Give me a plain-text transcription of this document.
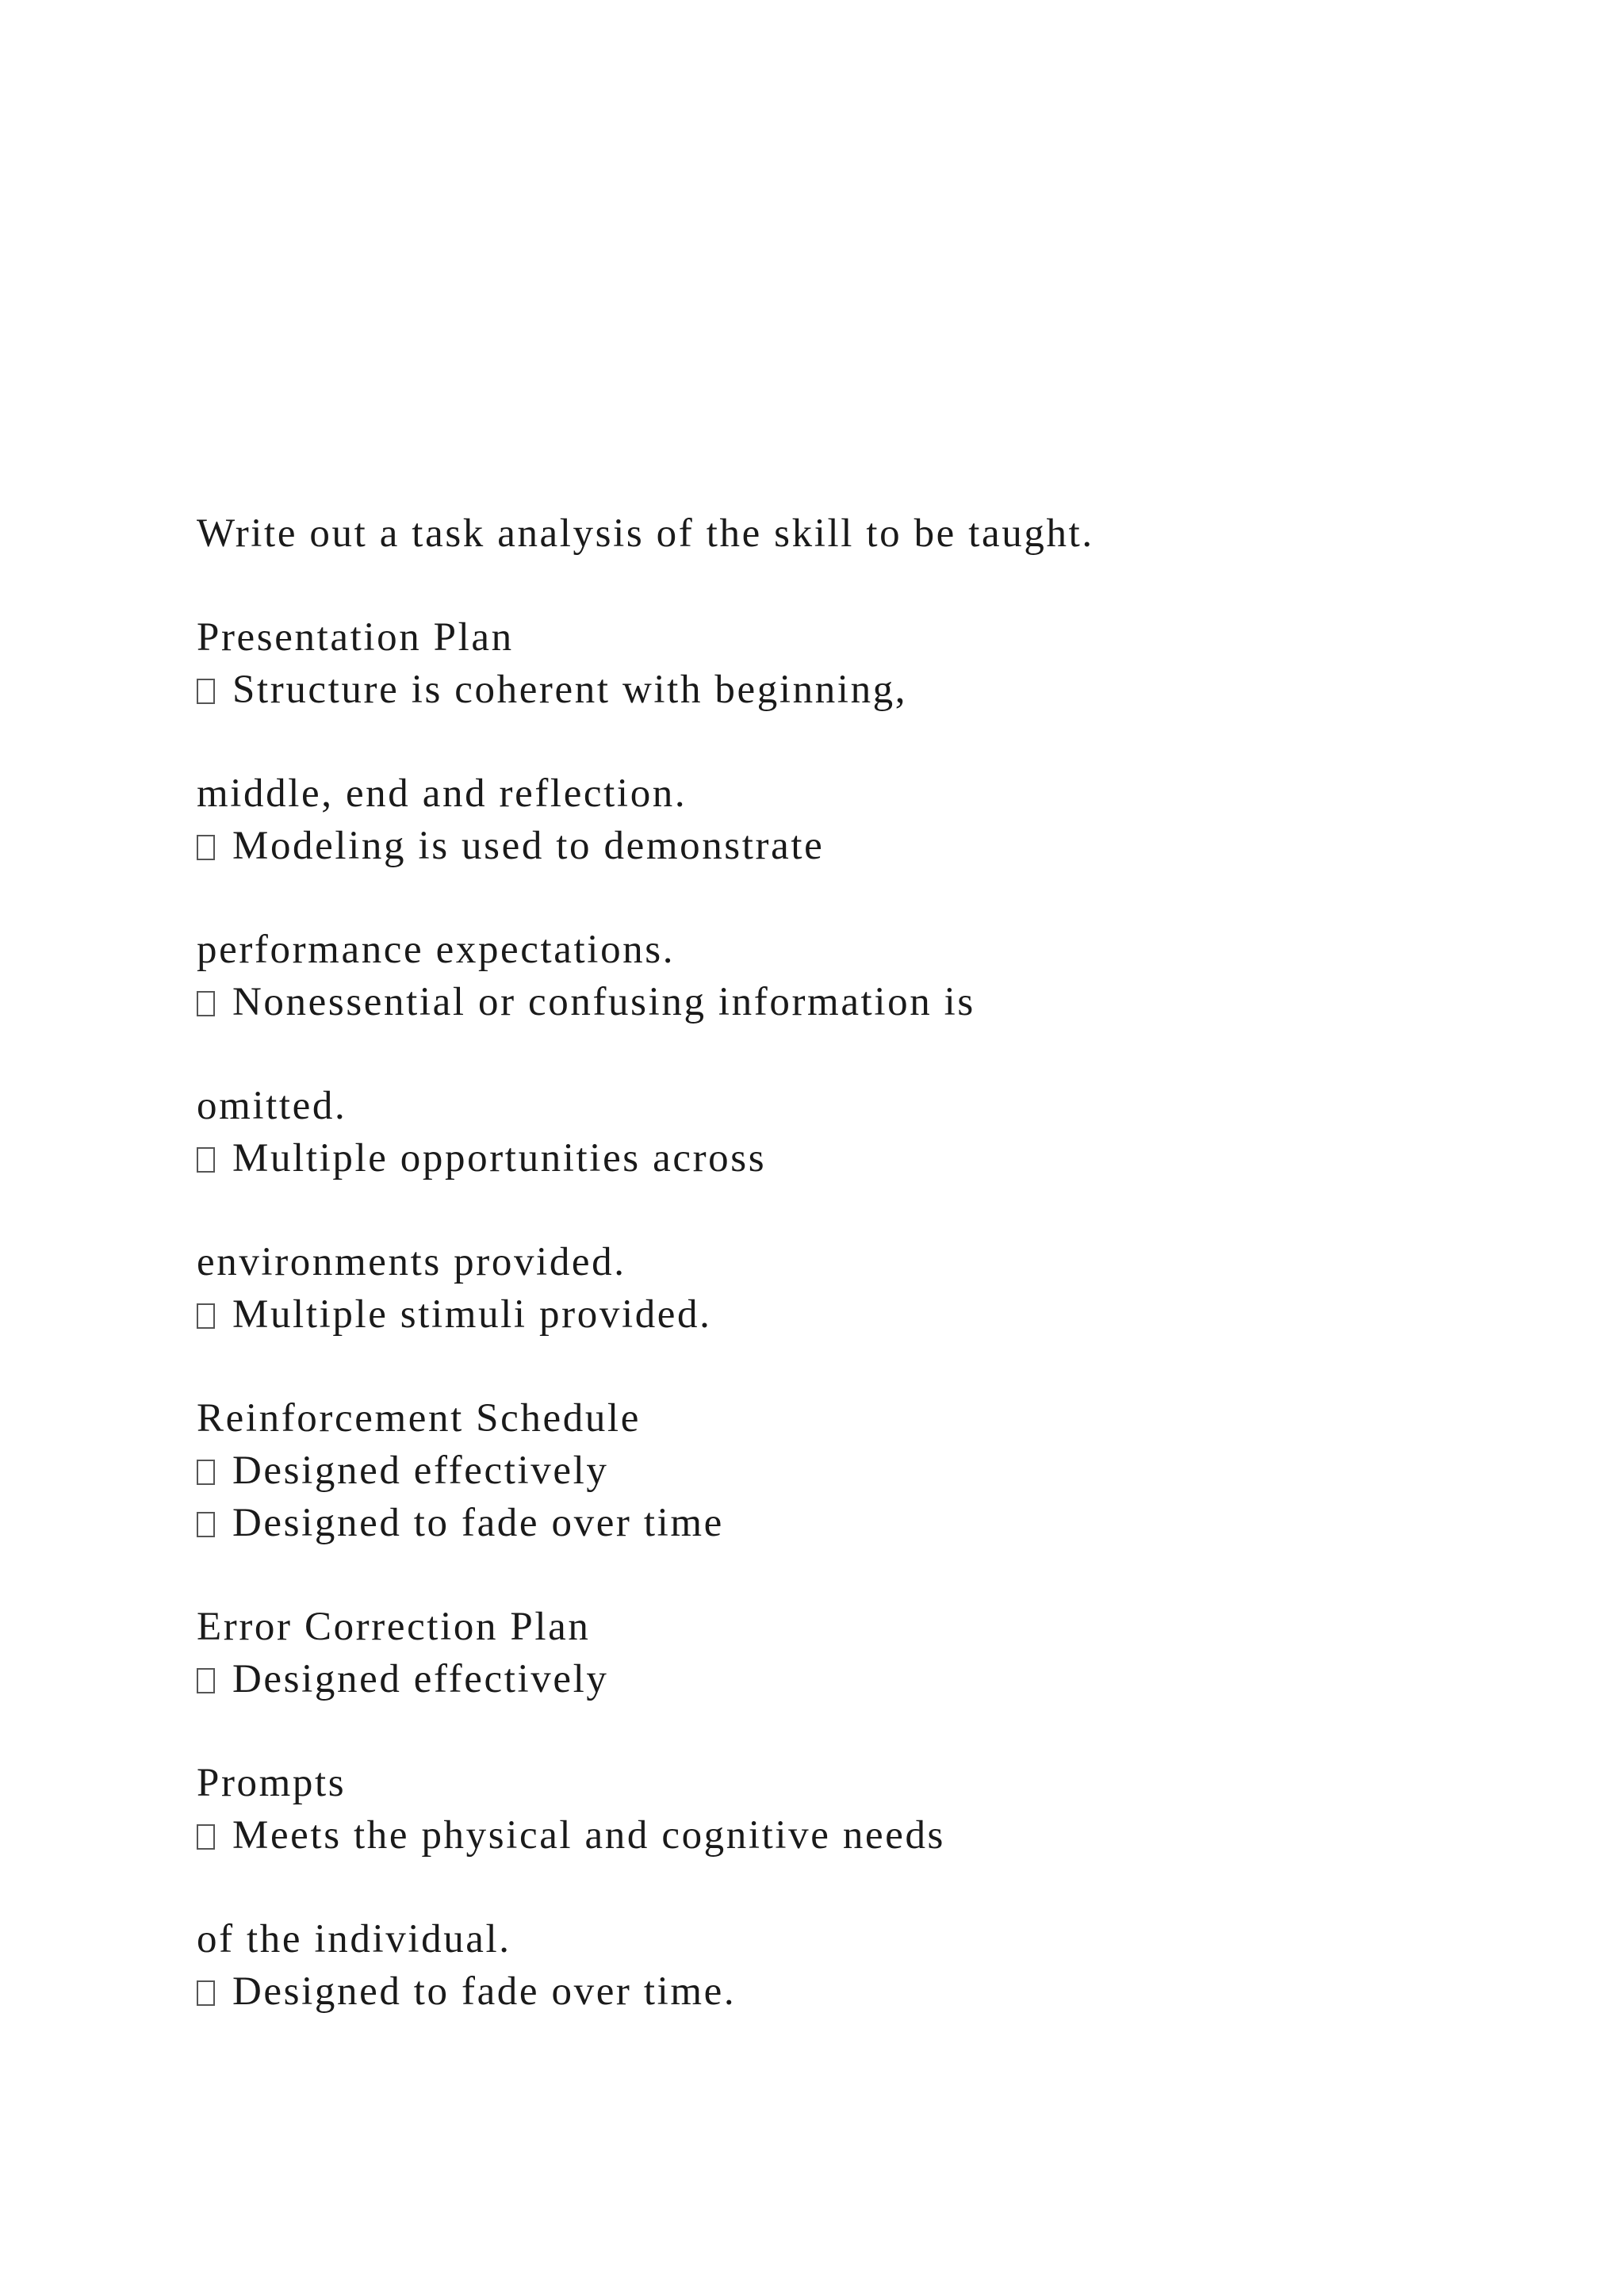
Write out a task analysis of the skill to be taught.

Presentation Plan

Structure is coherent with beginning,

middle, end and reflection.

Modeling is used to demonstrate

performance expectations.

Nonessential or confusing information is

omitted.

Multiple opportunities across

environments provided.

Multiple stimuli provided.

Reinforcement Schedule

Designed effectively

Designed to fade over time

Error Correction Plan

Designed effectively

Prompts

Meets the physical and cognitive needs

of the individual.

Designed to fade over time.
